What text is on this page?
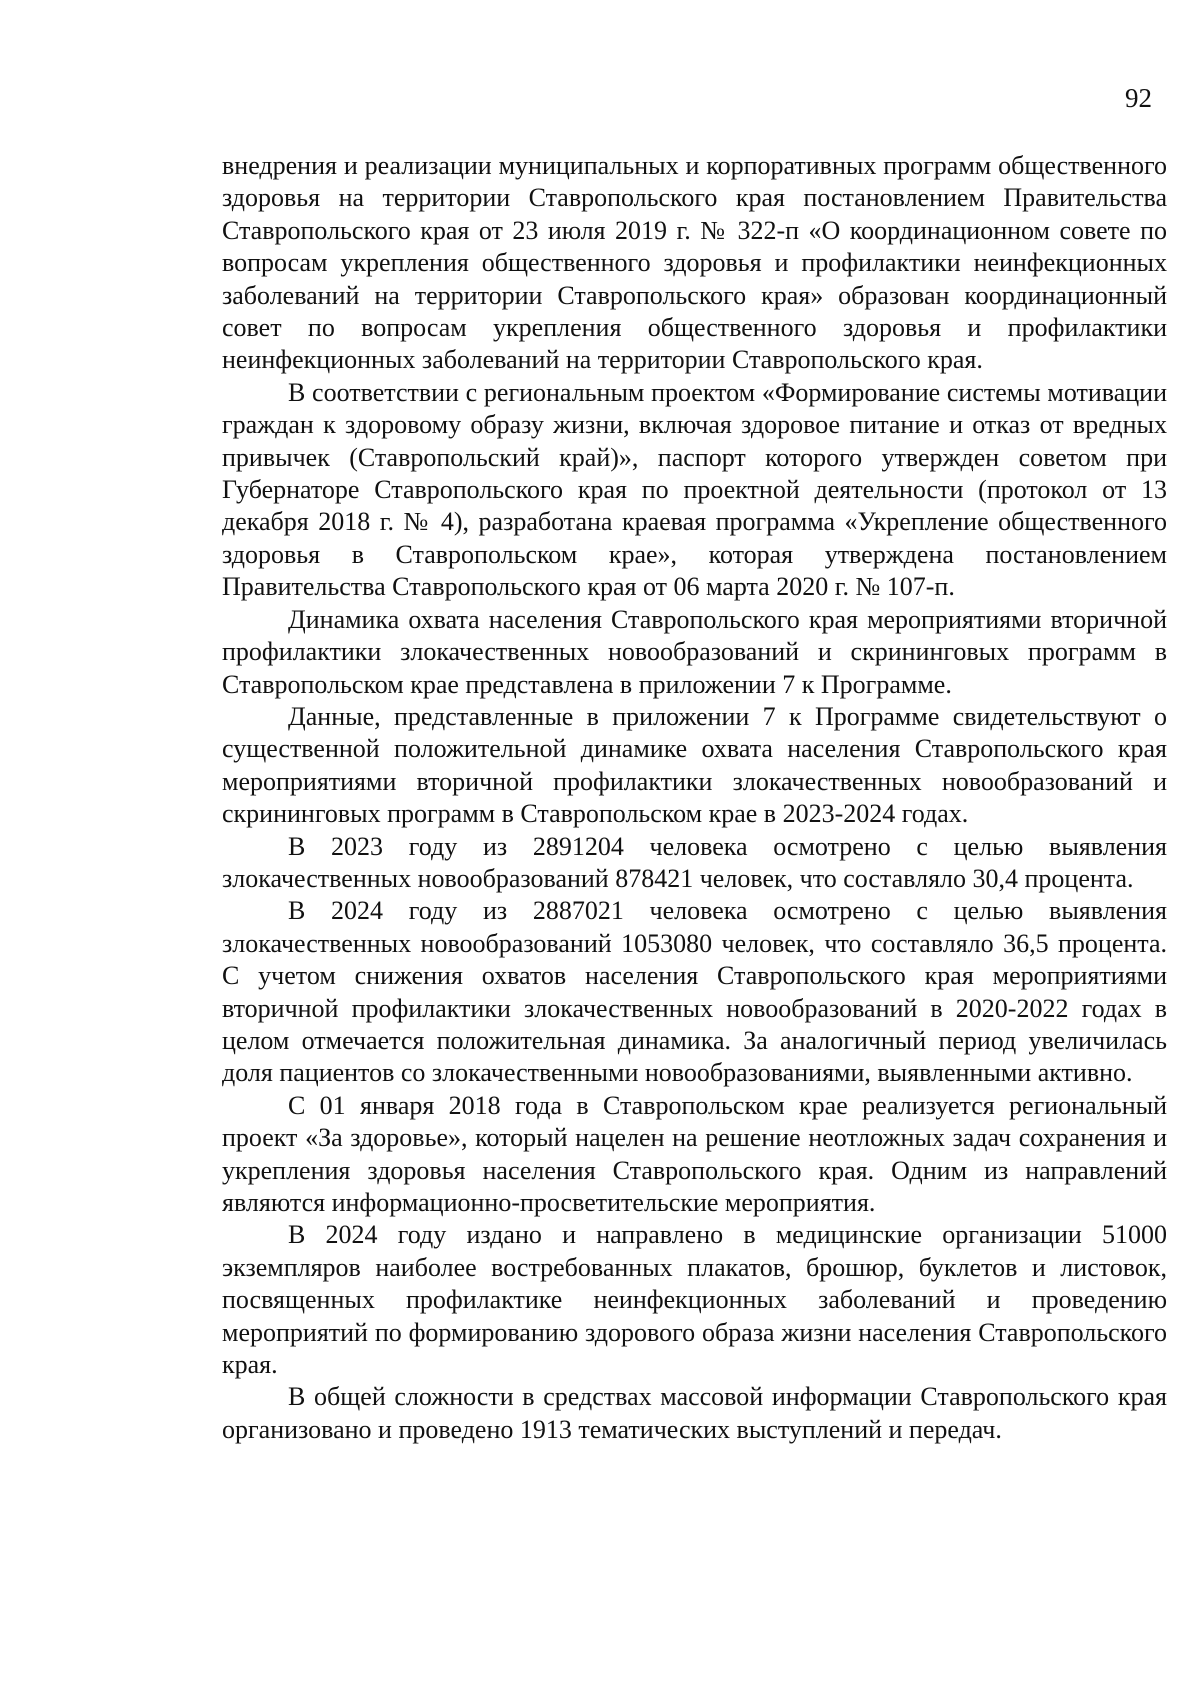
92

внедрения и реализации муниципальных и корпоративных программ общественного здоровья на территории Ставропольского края постановлением Правительства Ставропольского края от 23 июля 2019 г. № 322-п «О координационном совете по вопросам укрепления общественного здоровья и профилактики неинфекционных заболеваний на территории Ставропольского края» образован координационный совет по вопросам укрепления общественного здоровья и профилактики неинфекционных заболеваний на территории Ставропольского края.

В соответствии с региональным проектом «Формирование системы мотивации граждан к здоровому образу жизни, включая здоровое питание и отказ от вредных привычек (Ставропольский край)», паспорт которого утвержден советом при Губернаторе Ставропольского края по проектной деятельности (протокол от 13 декабря 2018 г. № 4), разработана краевая программа «Укрепление общественного здоровья в Ставропольском крае», которая утверждена постановлением Правительства Ставропольского края от 06 марта 2020 г. № 107-п.

Динамика охвата населения Ставропольского края мероприятиями вторичной профилактики злокачественных новообразований и скрининговых программ в Ставропольском крае представлена в приложении 7 к Программе.

Данные, представленные в приложении 7 к Программе свидетельствуют о существенной положительной динамике охвата населения Ставропольского края мероприятиями вторичной профилактики злокачественных новообразований и скрининговых программ в Ставропольском крае в 2023-2024 годах.

В 2023 году из 2891204 человека осмотрено с целью выявления злокачественных новообразований 878421 человек, что составляло 30,4 процента.

В 2024 году из 2887021 человека осмотрено с целью выявления злокачественных новообразований 1053080 человек, что составляло 36,5 процента. С учетом снижения охватов населения Ставропольского края мероприятиями вторичной профилактики злокачественных новообразований в 2020-2022 годах в целом отмечается положительная динамика. За аналогичный период увеличилась доля пациентов со злокачественными новообразованиями, выявленными активно.

С 01 января 2018 года в Ставропольском крае реализуется региональный проект «За здоровье», который нацелен на решение неотложных задач сохранения и укрепления здоровья населения Ставропольского края. Одним из направлений являются информационно-просветительские мероприятия.

В 2024 году издано и направлено в медицинские организации 51000 экземпляров наиболее востребованных плакатов, брошюр, буклетов и листовок, посвященных профилактике неинфекционных заболеваний и проведению мероприятий по формированию здорового образа жизни населения Ставропольского края.

В общей сложности в средствах массовой информации Ставропольского края организовано и проведено 1913 тематических выступлений и передач.
